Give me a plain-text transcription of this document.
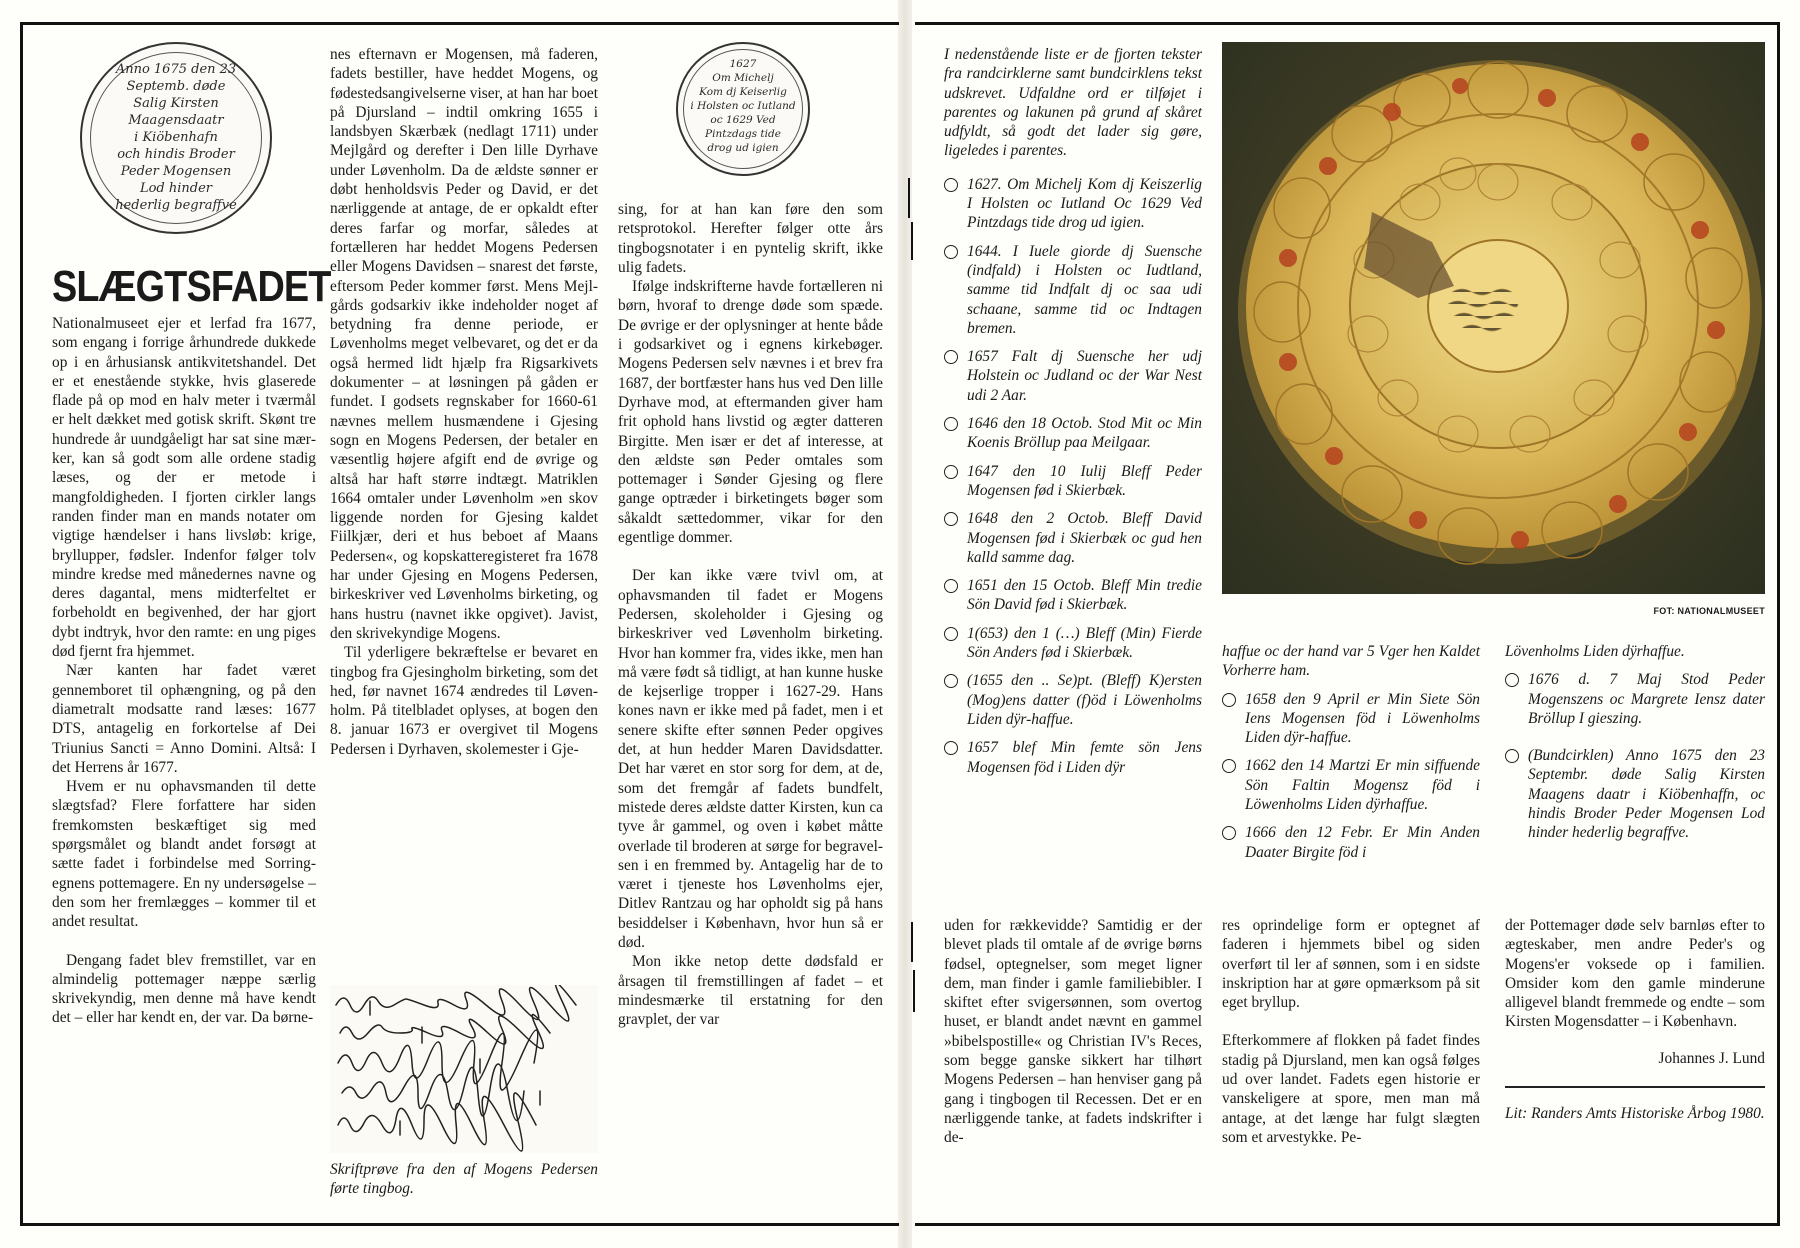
Anno 1675 den 23
Septemb. døde
Salig Kirsten
Maagensdaatr
i Kiöbenhafn
och hindis Broder
Peder Mogensen
Lod hinder
hederlig begraffve
SLÆGTSFADET

Nationalmuseet ejer et lerfad fra 1677, som engang i forrige århundrede dukkede op i en århusiansk antikvitetshandel. Det er et enestående stykke, hvis glaserede flade på op mod en halv meter i tværmål er helt dækket med gotisk skrift. Skønt tre hundrede år uundgåeligt har sat sine mærker, kan så godt som alle ordene stadig læses, og der er metode i mangfoldigheden. I fjorten cirkler langs randen finder man en mands notater om vigtige hændelser i hans livsløb: krige, bryllupper, fødsler. Indenfor følger tolv mindre kredse med månedernes navne og deres dagantal, mens midterfeltet er forbeholdt en begivenhed, der har gjort dybt indtryk, hvor den ramte: en ung piges død fjernt fra hjemmet.

Nær kanten har fadet været gennemboret til ophængning, og på den diametralt modsatte rand læses: 1677 DTS, antagelig en forkortelse af Dei Triunius Sancti = Anno Domini. Altså: I det Herrens år 1677.

Hvem er nu ophavsmanden til dette slægtsfad? Flere forfattere har siden fremkomsten beskæftiget sig med spørgsmålet og blandt andet forsøgt at sætte fadet i forbindelse med Sorringegnens pottemagere. En ny undersøgelse – den som her fremlægges – kommer til et andet resultat.

Dengang fadet blev fremstillet, var en almindelig pottemager næppe særlig skrivekyndig, men denne må have kendt det – eller har kendt en, der var. Da børne-

nes efternavn er Mogensen, må faderen, fadets bestiller, have heddet Mogens, og fødestedsangivelserne viser, at han har boet på Djursland – indtil omkring 1655 i landsbyen Skærbæk (nedlagt 1711) under Mejlgård og derefter i Den lille Dyrhave under Løvenholm. Da de ældste sønner er døbt henholdsvis Peder og David, er det nærliggende at antage, de er opkaldt efter deres farfar og morfar, således at fortælleren har heddet Mogens Pedersen eller Mogens Davidsen – snarest det første, eftersom Peder kommer først. Mens Mejlgårds godsarkiv ikke indeholder noget af betydning fra denne periode, er Løvenholms meget velbevaret, og det er da også hermed lidt hjælp fra Rigsarkivets dokumenter – at løsningen på gåden er fundet. I godsets regnskaber for 1660-61 nævnes mellem husmændene i Gjesing sogn en Mogens Pedersen, der betaler en væsentlig højere afgift end de øvrige og altså har haft større indtægt. Matriklen 1664 omtaler under Løvenholm »en skov liggende norden for Gjesing kaldet Fiilkjær, deri et hus beboet af Maans Pedersen«, og kopskatteregisteret fra 1678 har under Gjesing en Mogens Pedersen, birkeskriver ved Løvenholms birketing, og hans hustru (navnet ikke opgivet). Javist, den skrivekyndige Mogens.

Til yderligere bekræftelse er bevaret en tingbog fra Gjesingholm birketing, som det hed, før navnet 1674 ændredes til Løvenholm. På titelbladet oplyses, at bogen den 8. januar 1673 er overgivet til Mogens Pedersen i Dyrhaven, skolemester i Gje-

Skriftprøve fra den af Mogens Pedersen førte tingbog.
1627
Om Michelj
Kom dj Keiserlig
i Holsten oc Iutland
oc 1629 Ved
Pintzdags tide
drog ud igien

sing, for at han kan føre den som retsprotokol. Herefter følger otte års tingbogsnotater i en pyntelig skrift, ikke ulig fadets.

Ifølge indskrifterne havde fortælleren ni børn, hvoraf to drenge døde som spæde. De øvrige er der oplysninger at hente både i godsarkivet og i egnens kirkebøger. Mogens Pedersen selv nævnes i et brev fra 1687, der bortfæster hans hus ved Den lille Dyrhave mod, at eftermanden giver ham frit ophold hans livstid og ægter datteren Birgitte. Men især er det af interesse, at den ældste søn Peder omtales som pottemager i Sønder Gjesing og flere gange optræder i birketingets bøger som såkaldt sættedommer, vikar for den egentlige dommer.

Der kan ikke være tvivl om, at ophavsmanden til fadet er Mogens Pedersen, skoleholder i Gjesing og birkeskriver ved Løvenholm birketing. Hvor han kommer fra, vides ikke, men han må være født så tidligt, at han kunne huske de kejserlige tropper i 1627-29. Hans kones navn er ikke med på fadet, men i et senere skifte efter sønnen Peder opgives det, at hun hedder Maren Davidsdatter. Det har været en stor sorg for dem, at de, som det fremgår af fadets bundfelt, mistede deres ældste datter Kirsten, kun ca tyve år gammel, og oven i købet måtte overlade til broderen at sørge for begravelsen i en fremmed by. Antagelig har de to været i tjeneste hos Løvenholms ejer, Ditlev Rantzau og har opholdt sig på hans besiddelser i København, hvor hun så er død.

Mon ikke netop dette dødsfald er årsagen til fremstillingen af fadet – et mindesmærke til erstatning for den gravplet, der var

I nedenstående liste er de fjorten tekster fra randcirklerne samt bundcirklens tekst udskrevet. Udfaldne ord er tilføjet i parentes og lakunen på grund af skåret udfyldt, så godt det lader sig gøre, ligeledes i parentes.

1627. Om Michelj Kom dj Keiszerlig I Holsten oc Iutland Oc 1629 Ved Pintzdags tide drog ud igien.
1644. I Iuele giorde dj Suensche (indfald) i Holsten oc Iudtland, samme tid Indfalt dj oc saa udi schaane, samme tid oc Indtagen bremen.
1657 Falt dj Suensche her udj Holstein oc Judland oc der War Nest udi 2 Aar.
1646 den 18 Octob. Stod Mit oc Min Koenis Bröllup paa Meilgaar.
1647 den 10 Iulij Bleff Peder Mogensen fød i Skierbæk.
1648 den 2 Octob. Bleff David Mogensen fød i Skierbæk oc gud hen kalld samme dag.
1651 den 15 Octob. Bleff Min tredie Sön David fød i Skierbæk.
1(653) den 1 (…) Bleff (Min) Fierde Sön Anders fød i Skierbæk.
(1655 den .. Se)pt. (Bleff) K)ersten (Mog)ens datter (f)öd i Löwenholms Liden dÿr-haffue.
1657 blef Min femte sön Jens Mogensen föd i Liden dÿr

uden for rækkevidde? Samtidig er der blevet plads til omtale af de øvrige børns fødsel, optegnelser, som meget ligner dem, man finder i gamle familiebibler. I skiftet efter svigersønnen, som overtog huset, er blandt andet nævnt en gammel »bibelspostille« og Christian IV's Reces, som begge ganske sikkert har tilhørt Mogens Pedersen – han henviser gang på gang i tingbogen til Recessen. Det er en nærliggende tanke, at fadets indskrifter i de-

FOT: NATIONALMUSEET

haffue oc der hand var 5 Vger hen Kaldet Vorherre ham.

1658 den 9 April er Min Siete Sön Iens Mogensen föd i Löwenholms Liden dÿr-haffue.
1662 den 14 Martzi Er min siffuende Sön Faltin Mogensz föd i Löwenholms Liden dÿrhaffue.
1666 den 12 Febr. Er Min Anden Daater Birgite föd i

res oprindelige form er optegnet af faderen i hjemmets bibel og siden overført til ler af sønnen, som i en sidste inskription har at gøre opmærksom på sit eget bryllup.

Efterkommere af flokken på fadet findes stadig på Djursland, men kan også følges ud over landet. Fadets egen historie er vanskeligere at spore, men man må antage, at det længe har fulgt slægten som et arvestykke. Pe-

Lövenholms Liden dÿrhaffue.

1676 d. 7 Maj Stod Peder Mogenszens oc Margrete Iensz dater Bröllup I gieszing.
(Bundcirklen) Anno 1675 den 23 Septembr. døde Salig Kirsten Maagens daatr i Kiöbenhaffn, oc hindis Broder Peder Mogensen Lod hinder hederlig begraffve.

der Pottemager døde selv barnløs efter to ægteskaber, men andre Peder's og Mogens'er voksede op i familien. Omsider kom den gamle minderune alligevel blandt fremmede og endte – som Kirsten Mogensdatter – i København.

Johannes J. Lund

Lit: Randers Amts Historiske Årbog 1980.
